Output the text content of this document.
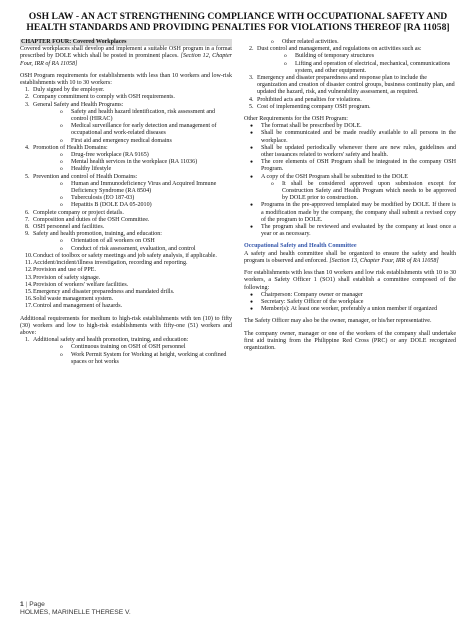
OSH LAW - AN ACT STRENGTHENING COMPLIANCE WITH OCCUPATIONAL SAFETY AND
HEALTH STANDARDS AND PROVIDING PENALTIES FOR VIOLATIONS THEREOF [RA 11058]

CHAPTER FOUR: Covered Workplaces

Covered workplaces shall develop and implement a suitable OSH program in a format prescribed by DOLE which shall be posted in prominent places. [Section 12, Chapter Four, IRR of RA 11058]

OSH Program requirements for establishments with less than 10 workers and low-risk establishments with 10 to 30 workers:

1. Duly signed by the employer.
2. Company commitment to comply with OSH requirements.
3. General Safety and Health Programs:
o Safety and health hazard identification, risk assessment and control (HIRAC)
o Medical surveillance for early detection and management of occupational and work-related diseases
o First aid and emergency medical domains
4. Promotion of Health Domains:
o Drug-free workplace (RA 9165)
o Mental health services in the workplace (RA 11036)
o Healthy lifestyle
5. Prevention and control of Health Domains:
o Human and Immunodeficiency Virus and Acquired Immune Deficiency Syndrome (RA 8504)
o Tuberculosis (EO 187-03)
o Hepatitis B (DOLE DA 05-2010)
6. Complete company or project details.
7. Composition and duties of the OSH Committee.
8. OSH personnel and facilities.
9. Safety and health promotion, training, and education:
o Orientation of all workers on OSH
o Conduct of risk assessment, evaluation, and control
10. Conduct of toolbox or safety meetings and job safety analysis, if applicable.
11. Accident/incident/illness investigation, recording and reporting.
12. Provision and use of PPE.
13. Provision of safety signage.
14. Provision of workers' welfare facilities.
15. Emergency and disaster preparedness and mandated drills.
16. Solid waste management system.
17. Control and management of hazards.

Additional requirements for medium to high-risk establishments with ten (10) to fifty (30) workers and low to high-risk establishments with fifty-one (51) workers and above:

1. Additional safety and health promotion, training, and education:
o Continuous training on OSH of OSH personnel
o Work Permit System for Working at height, working at confined spaces or hot works
o Other related activities.
2. Dust control and management, and regulations on activities such as:
o Building of temporary structures
o Lifting and operation of electrical, mechanical, communications system, and other equipment.
3. Emergency and disaster preparedness and response plan to include the organization and creation of disaster control groups, business continuity plan, and updated the hazard, risk, and vulnerability assessment, as required.
4. Prohibited acts and penalties for violations.
5. Cost of implementing company OSH program.

Other Requirements for the OSH Program:

● The format shall be prescribed by DOLE.
● Shall be communicated and be made readily available to all persons in the workplace.
● Shall be updated periodically whenever there are new rules, guidelines and other issuances related to workers' safety and health.
● The core elements of OSH Program shall be integrated in the company OSH Program.
● A copy of the OSH Program shall be submitted to the DOLE
o It shall be considered approved upon submission except for Construction Safety and Health Program which needs to be approved by DOLE prior to construction.
● Programs in the pre-approved templated may be modified by DOLE. If there is a modification made by the company, the company shall submit a revised copy of the program to DOLE.
● The program shall be reviewed and evaluated by the company at least once a year or as necessary.

Occupational Safety and Health Committee

A safety and health committee shall be organized to ensure the safety and health program is observed and enforced. [Section 13, Chapter Four, IRR of RA 11058]

For establishments with less than 10 workers and low risk establishments with 10 to 30 workers, a Safety Officer 1 (SO1) shall establish a committee composed of the following:

● Chairperson: Company owner or manager
● Secretary: Safety Officer of the workplace
● Member(s): At least one worker, preferably a union member if organized

The Safety Officer may also be the owner, manager, or his/her representative.

The company owner, manager or one of the workers of the company shall undertake first aid training from the Philippine Red Cross (PRC) or any DOLE recognized organization.

1 | Page
HOLMES, MARINELLE THERESE V.
